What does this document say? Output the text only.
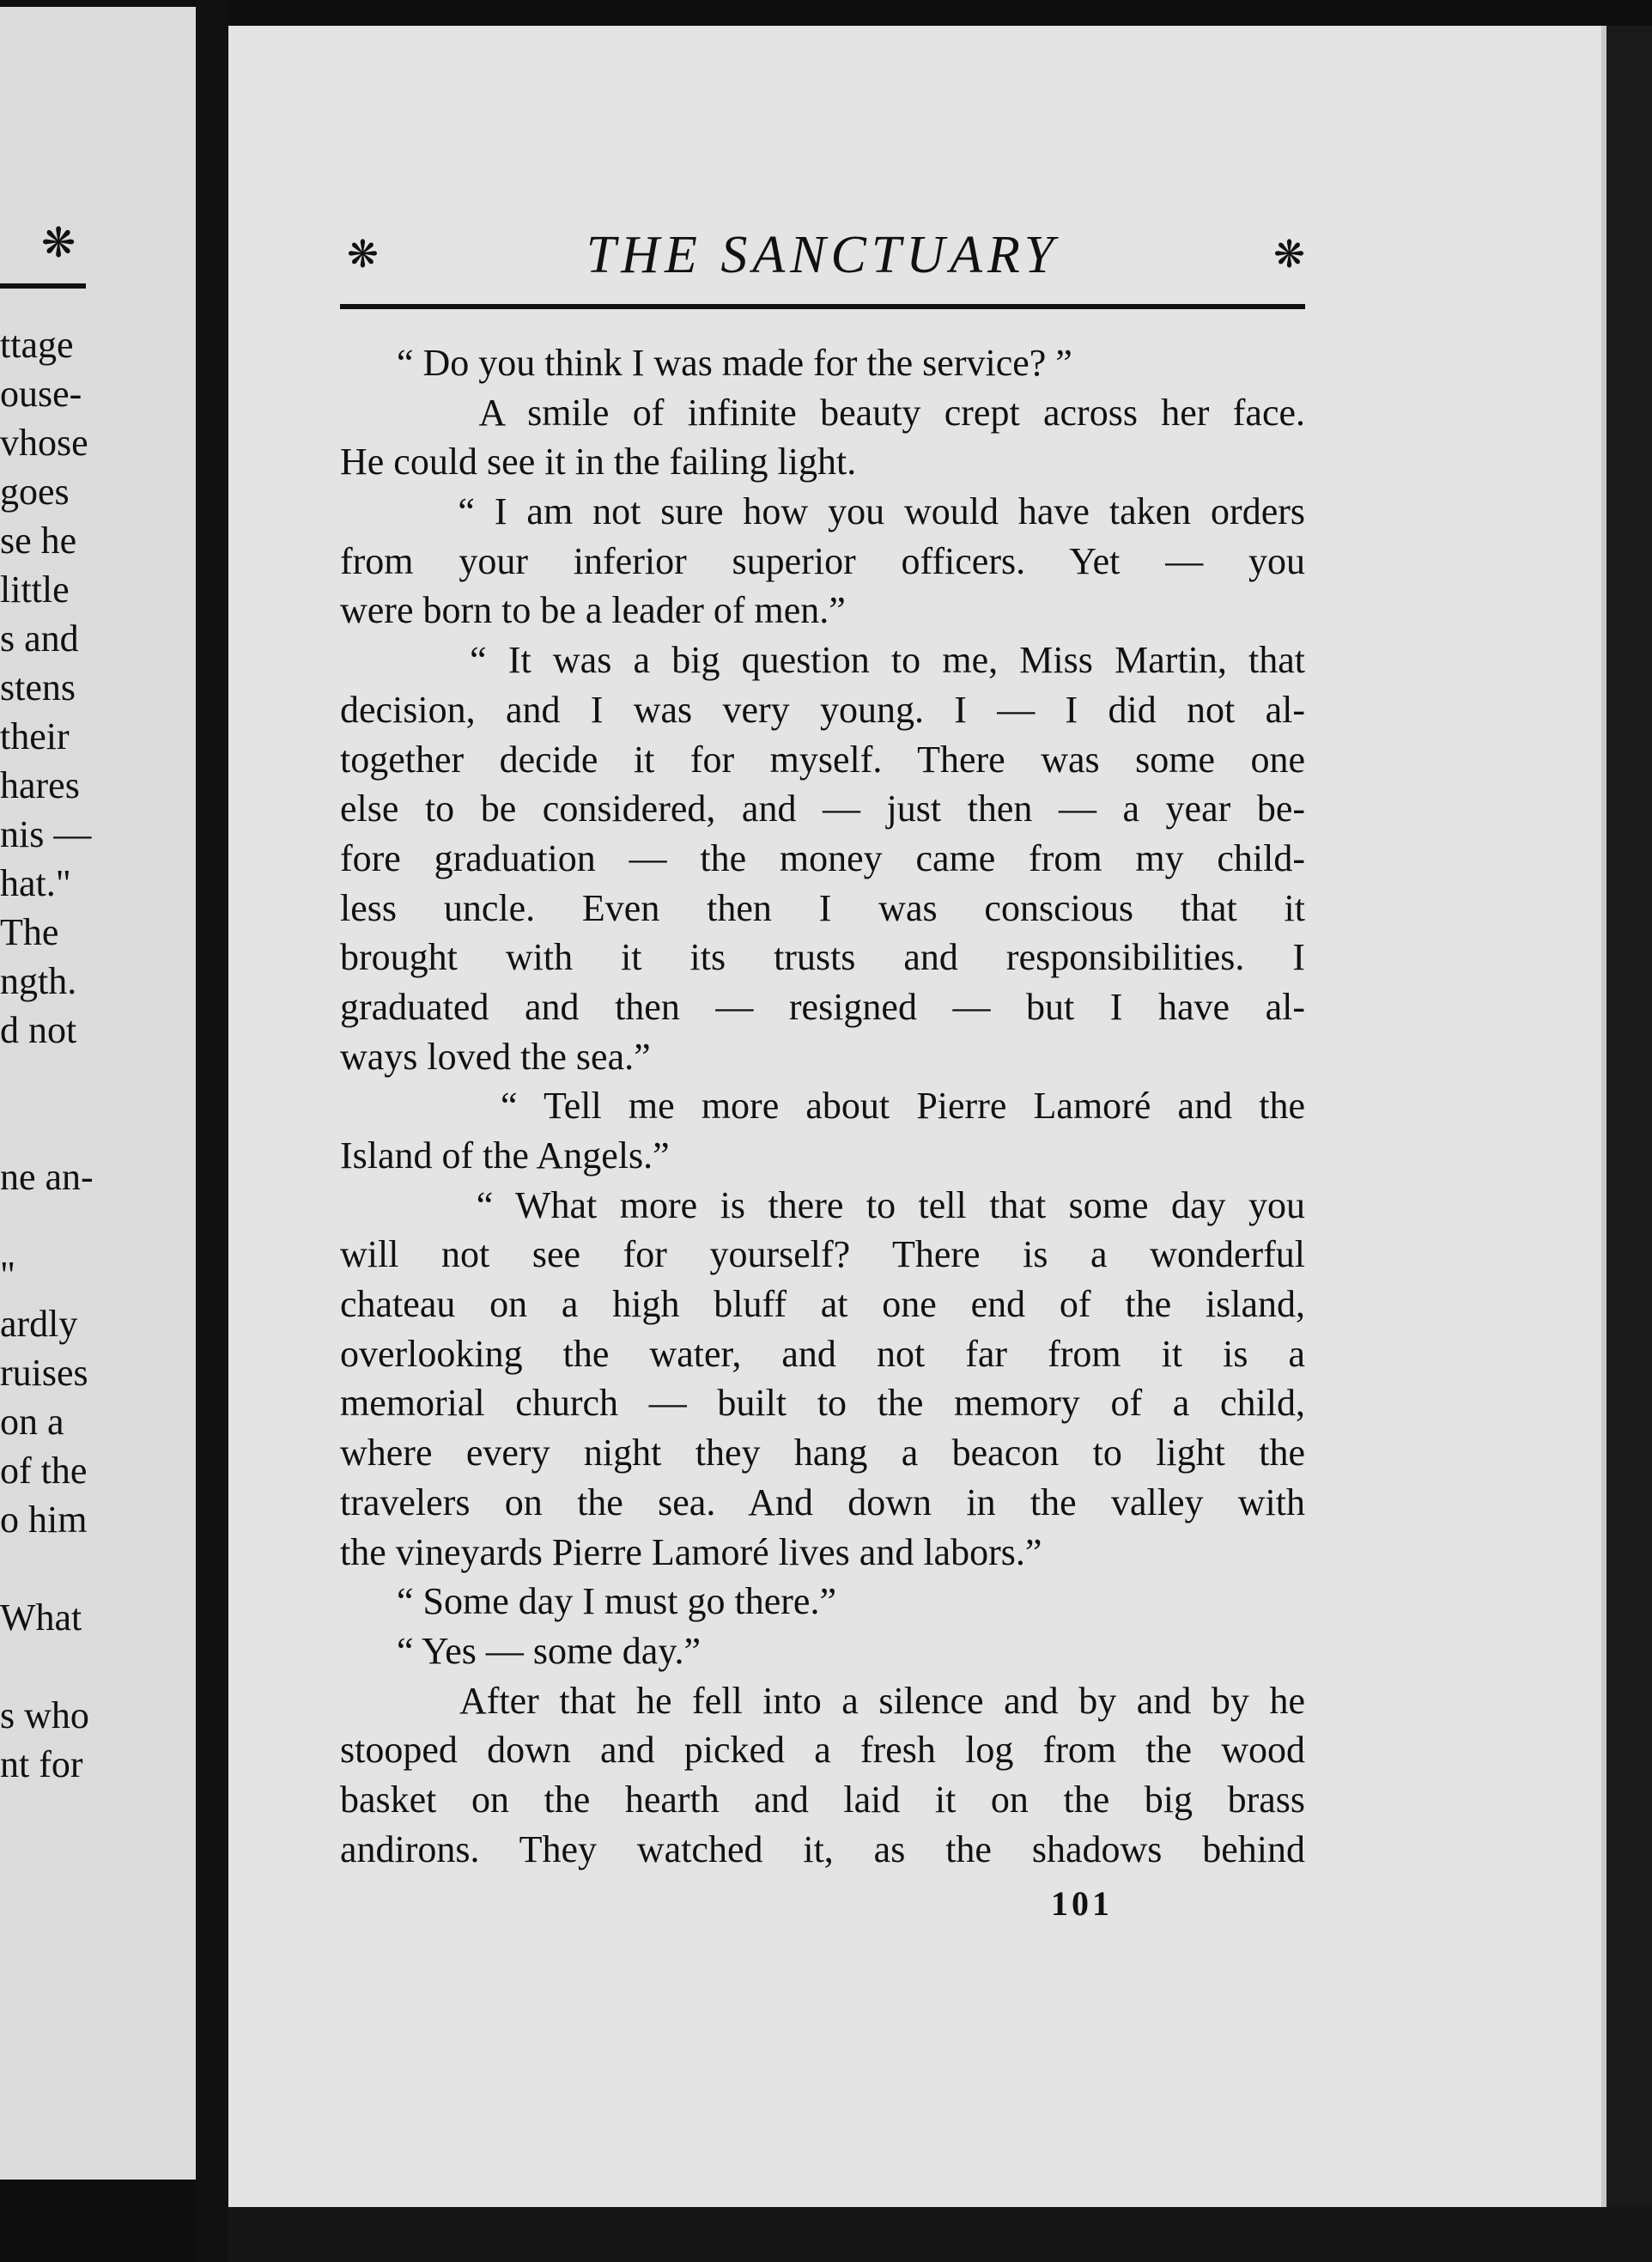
❋
ttage
ouse-
vhose
goes
se he
little
s and
stens
their
hares
nis —
hat."
The
ngth.
d not
ne an-
"
ardly
ruises
on a
of the
o him
What
s who
nt for
❋	THE SANCTUARY	❋
“ Do you think I was made for the service? ”
A smile of infinite beauty crept across her face.
He could see it in the failing light.
“ I am not sure how you would have taken orders
from your inferior superior officers. Yet — you
were born to be a leader of men.”
“ It was a big question to me, Miss Martin, that
decision, and I was very young. I — I did not al-
together decide it for myself. There was some one
else to be considered, and — just then — a year be-
fore graduation — the money came from my child-
less uncle. Even then I was conscious that it
brought with it its trusts and responsibilities. I
graduated and then — resigned — but I have al-
ways loved the sea.”
“ Tell me more about Pierre Lamoré and the
Island of the Angels.”
“ What more is there to tell that some day you
will not see for yourself? There is a wonderful
chateau on a high bluff at one end of the island,
overlooking the water, and not far from it is a
memorial church — built to the memory of a child,
where every night they hang a beacon to light the
travelers on the sea. And down in the valley with
the vineyards Pierre Lamoré lives and labors.”
“ Some day I must go there.”
“ Yes — some day.”
After that he fell into a silence and by and by he
stooped down and picked a fresh log from the wood
basket on the hearth and laid it on the big brass
andirons. They watched it, as the shadows behind
101
